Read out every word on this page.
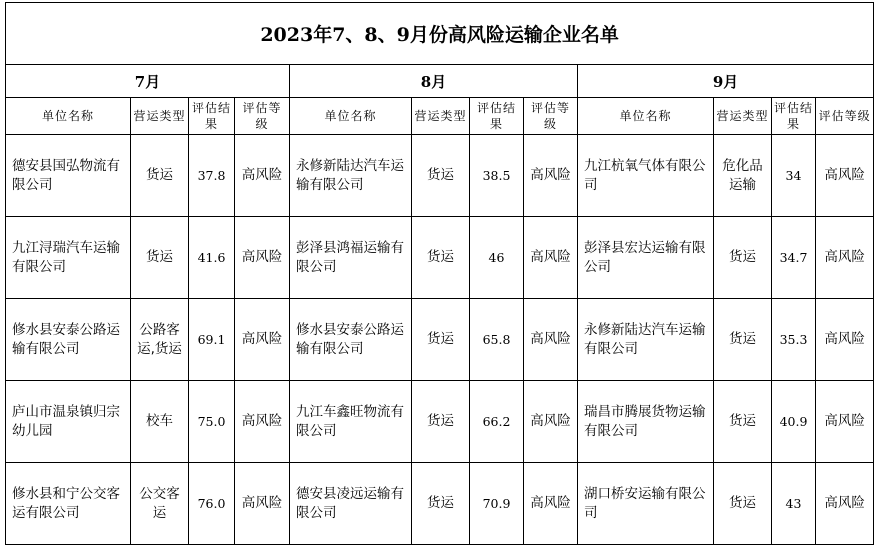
2023年7、8、9月份高风险运输企业名单											
7月				8月				9月			
单位名称	营运类型	评估结果	评估等级	单位名称	营运类型	评估结果	评估等级	单位名称	营运类型	评估结果	评估等级
德安县国弘物流有限公司	货运	37.8	高风险	永修新陆达汽车运输有限公司	货运	38.5	高风险	九江杭氧气体有限公司	危化品运输	34	高风险
九江浔瑞汽车运输有限公司	货运	41.6	高风险	彭泽县鸿福运输有限公司	货运	46	高风险	彭泽县宏达运输有限公司	货运	34.7	高风险
修水县安泰公路运输有限公司	公路客运,货运	69.1	高风险	修水县安泰公路运输有限公司	货运	65.8	高风险	永修新陆达汽车运输有限公司	货运	35.3	高风险
庐山市温泉镇归宗幼儿园	校车	75.0	高风险	九江车鑫旺物流有限公司	货运	66.2	高风险	瑞昌市腾展货物运输有限公司	货运	40.9	高风险
修水县和宁公交客运有限公司	公交客运	76.0	高风险	德安县凌远运输有限公司	货运	70.9	高风险	湖口桥安运输有限公司	货运	43	高风险
